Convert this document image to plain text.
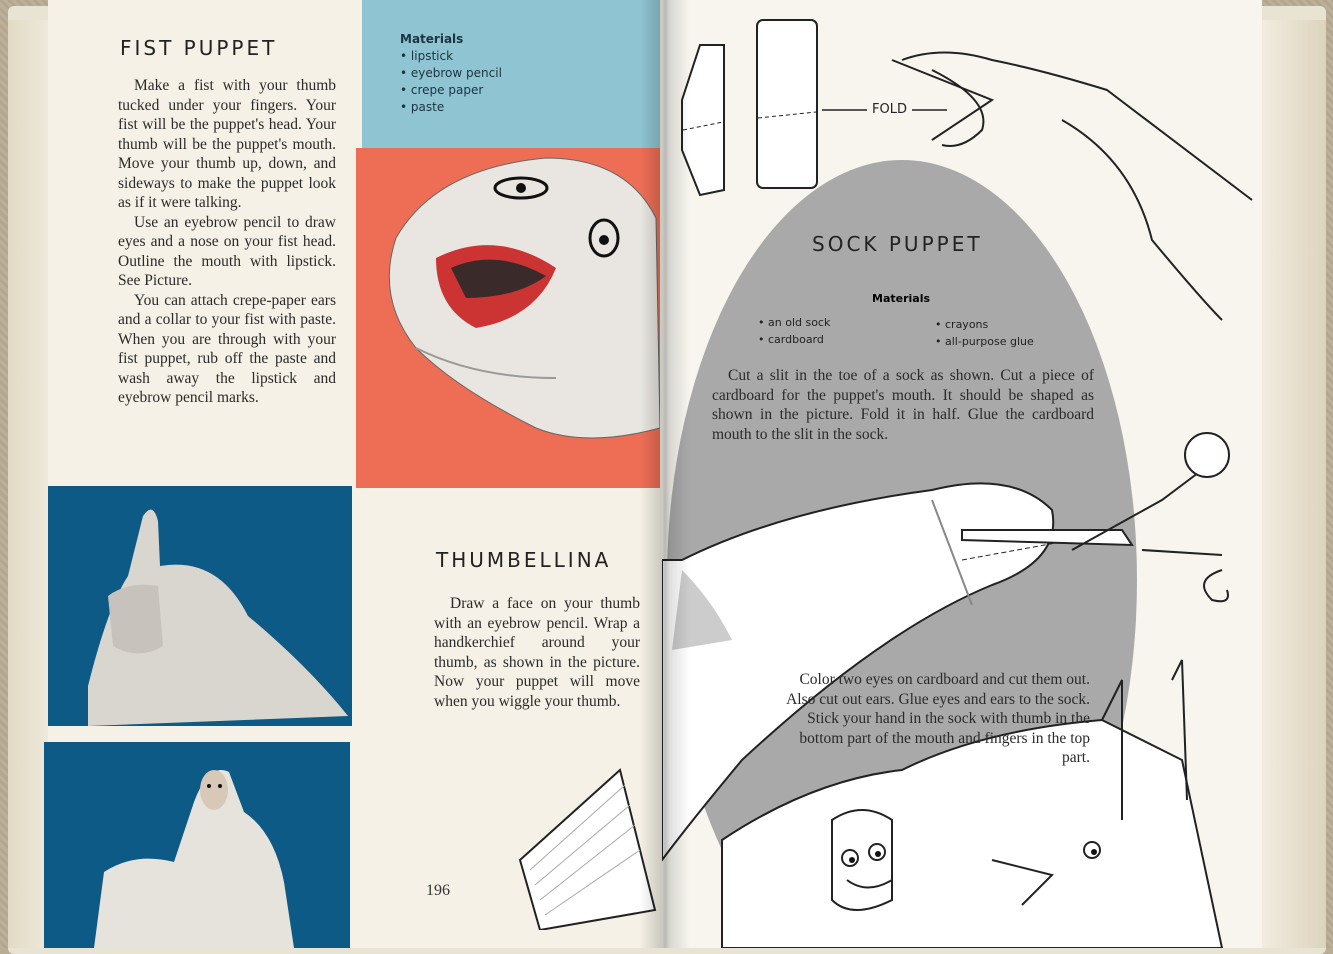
Materials

• lipstick

• eyebrow pencil

• crepe paper

• paste

FIST PUPPET

Make a fist with your thumb tucked under your fingers. Your fist will be the puppet's head. Your thumb will be the puppet's mouth. Move your thumb up, down, and sideways to make the puppet look as if it were talking.

Use an eyebrow pencil to draw eyes and a nose on your fist head. Outline the mouth with lipstick. See Picture.

You can attach crepe-paper ears and a collar to your fist with paste. When you are through with your fist puppet, rub off the paste and wash away the lipstick and eyebrow pencil marks.

THUMBELLINA

Draw a face on your thumb with an eyebrow pencil. Wrap a handkerchief around your thumb, as shown in the picture. Now your puppet will move when you wiggle your thumb.

196
FOLD
SOCK PUPPET

Materials

• an old sock

• cardboard

• crayons

• all-purpose glue

Cut a slit in the toe of a sock as shown. Cut a piece of cardboard for the puppet's mouth. It should be shaped as shown in the picture. Fold it in half. Glue the cardboard mouth to the slit in the sock.

Color two eyes on cardboard and cut them out. Also cut out ears. Glue eyes and ears to the sock. Stick your hand in the sock with thumb in the bottom part of the mouth and fingers in the top part.
